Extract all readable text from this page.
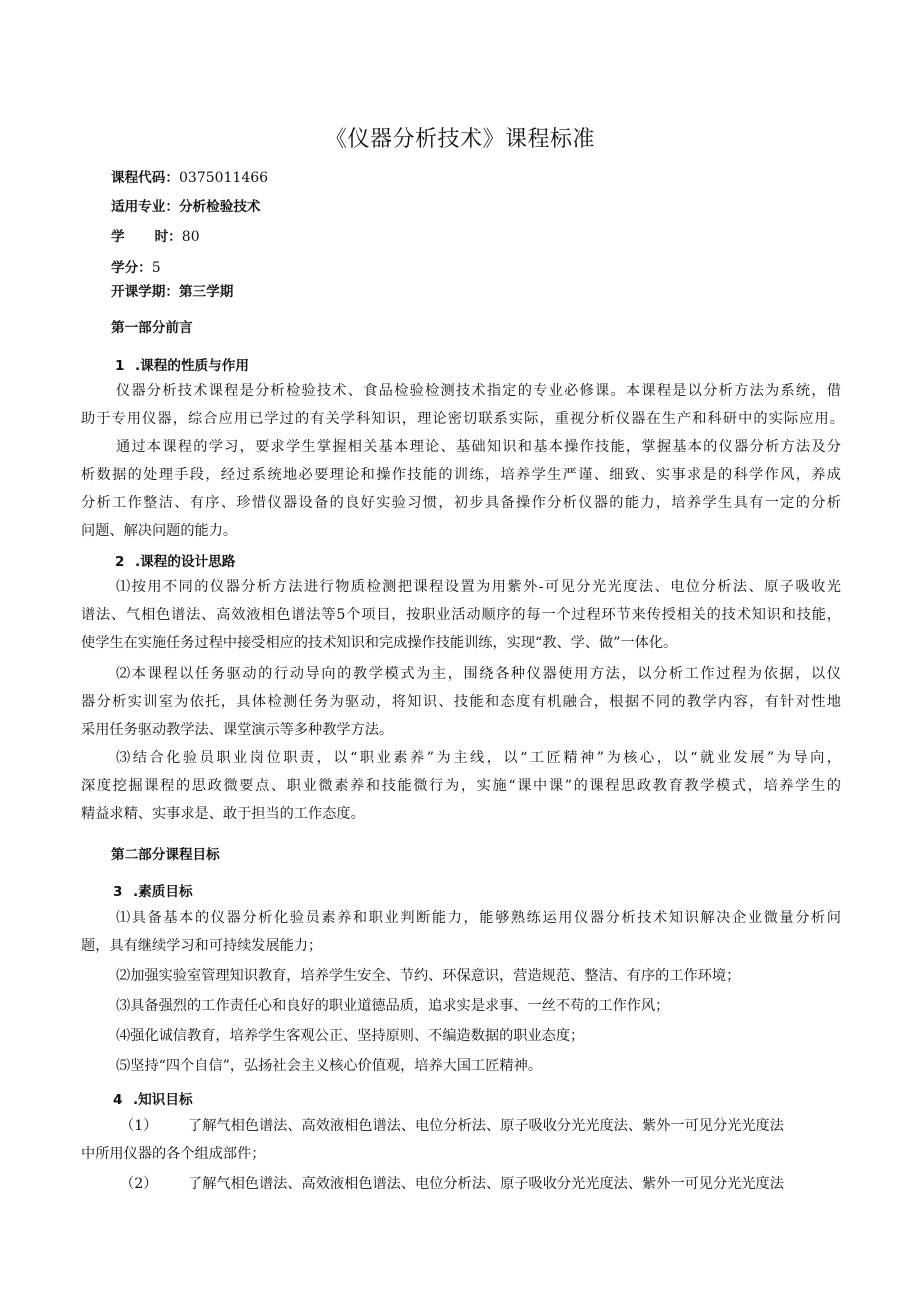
《仪器分析技术》课程标准
课程代码：0375011466
适用专业：分析检验技术
学 时：80
学分：5
开课学期：第三学期
第一部分前言
1 .课程的性质与作用
仪器分析技术课程是分析检验技术、食品检验检测技术指定的专业必修课。本课程是以分析方法为系统，借
助于专用仪器，综合应用已学过的有关学科知识，理论密切联系实际，重视分析仪器在生产和科研中的实际应用。
通过本课程的学习，要求学生掌握相关基本理论、基础知识和基本操作技能，掌握基本的仪器分析方法及分
析数据的处理手段，经过系统地必要理论和操作技能的训练，培养学生严谨、细致、实事求是的科学作风，养成
分析工作整洁、有序、珍惜仪器设备的良好实验习惯，初步具备操作分析仪器的能力，培养学生具有一定的分析
问题、解决问题的能力。
2 .课程的设计思路
⑴按用不同的仪器分析方法进行物质检测把课程设置为用紫外-可见分光光度法、电位分析法、原子吸收光
谱法、气相色谱法、高效液相色谱法等5个项目，按职业活动顺序的每一个过程环节来传授相关的技术知识和技能，
使学生在实施任务过程中接受相应的技术知识和完成操作技能训练，实现“教、学、做”一体化。
⑵本课程以任务驱动的行动导向的教学模式为主，围绕各种仪器使用方法，以分析工作过程为依据，以仪
器分析实训室为依托，具体检测任务为驱动，将知识、技能和态度有机融合，根据不同的教学内容，有针对性地
采用任务驱动教学法、课堂演示等多种教学方法。
⑶结合化验员职业岗位职责，以“职业素养”为主线，以“工匠精神”为核心，以“就业发展”为导向，
深度挖掘课程的思政微要点、职业微素养和技能微行为，实施“课中课”的课程思政教育教学模式，培养学生的
精益求精、实事求是、敢于担当的工作态度。
第二部分课程目标
3 .素质目标
⑴具备基本的仪器分析化验员素养和职业判断能力，能够熟练运用仪器分析技术知识解决企业微量分析问
题，具有继续学习和可持续发展能力；
⑵加强实验室管理知识教育，培养学生安全、节约、环保意识，营造规范、整洁、有序的工作环境；
⑶具备强烈的工作责任心和良好的职业道德品质，追求实是求事、一丝不苟的工作作风；
⑷强化诚信教育，培养学生客观公正、坚持原则、不编造数据的职业态度；
⑸坚持“四个自信”，弘扬社会主义核心价值观，培养大国工匠精神。
4 .知识目标
（1） 了解气相色谱法、高效液相色谱法、电位分析法、原子吸收分光光度法、紫外一可见分光光度法
中所用仪器的各个组成部件；
（2） 了解气相色谱法、高效液相色谱法、电位分析法、原子吸收分光光度法、紫外一可见分光光度法
